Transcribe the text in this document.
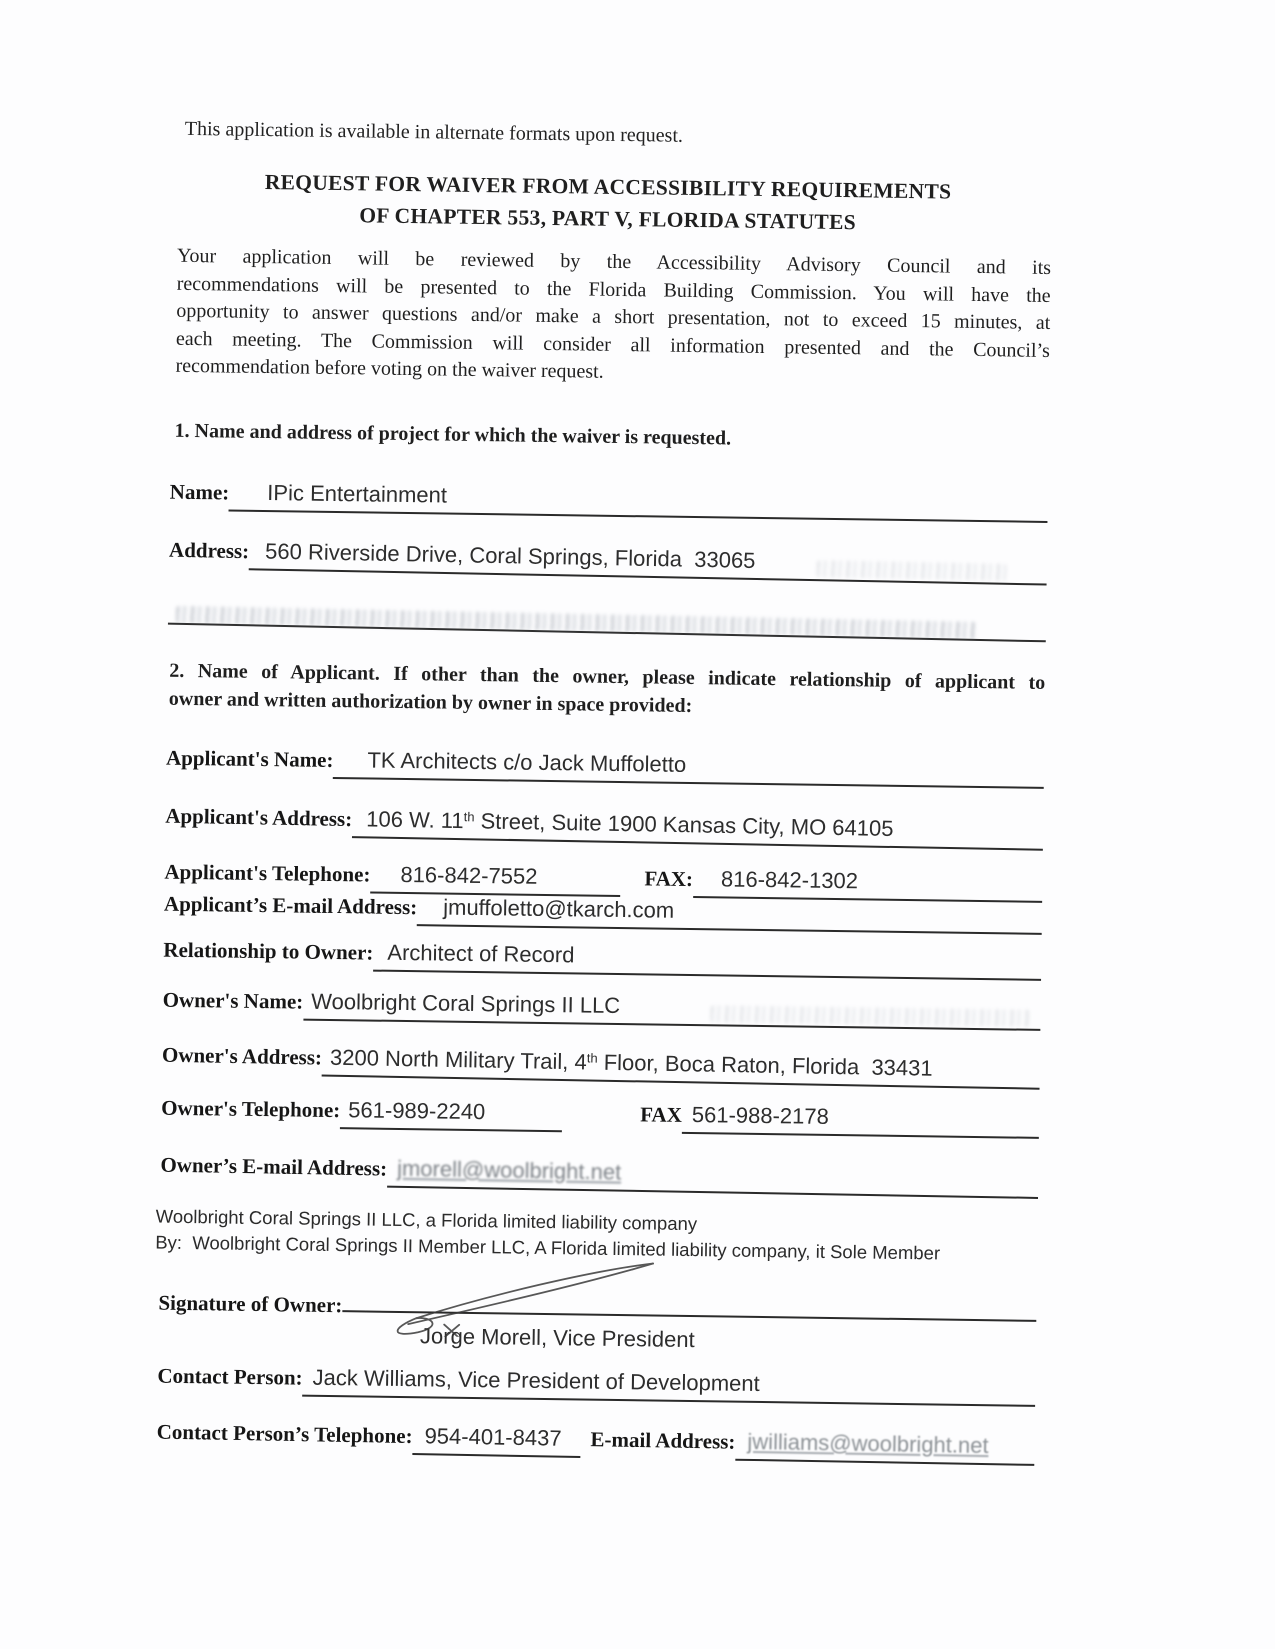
This application is available in alternate formats upon request.
REQUEST FOR WAIVER FROM ACCESSIBILITY REQUIREMENTS
OF CHAPTER 553, PART V, FLORIDA STATUTES
Your application will be reviewed by the Accessibility Advisory Council and its
recommendations will be presented to the Florida Building Commission. You will have the
opportunity to answer questions and/or make a short presentation, not to exceed 15 minutes, at
each meeting. The Commission will consider all information presented and the Council’s
recommendation before voting on the waiver request.
1. Name and address of project for which the waiver is requested.
Name:	IPic Entertainment
Address: 560 Riverside Drive, Coral Springs, Florida  33065
2. Name of Applicant. If other than the owner, please indicate relationship of applicant to
owner and written authorization by owner in space provided:
Applicant's Name:	TK Architects c/o Jack Muffoletto
Applicant's Address: 106 W. 11th Street, Suite 1900 Kansas City, MO 64105
Applicant's Telephone:	816-842-7552	FAX:	816-842-1302
Applicant’s E-mail Address:	jmuffoletto@tkarch.com
Relationship to Owner: Architect of Record
Owner's Name: Woolbright Coral Springs II LLC
Owner's Address: 3200 North Military Trail, 4th Floor, Boca Raton, Florida  33431
Owner's Telephone: 561-989-2240	FAX 561-988-2178
Owner’s E-mail Address: jmorell@woolbright.net
Woolbright Coral Springs II LLC, a Florida limited liability company
By:  Woolbright Coral Springs II Member LLC, A Florida limited liability company, it Sole Member
Signature of Owner:
Jorge Morell, Vice President
Contact Person: Jack Williams, Vice President of Development
Contact Person’s Telephone: 954-401-8437 E-mail Address: jwilliams@woolbright.net
